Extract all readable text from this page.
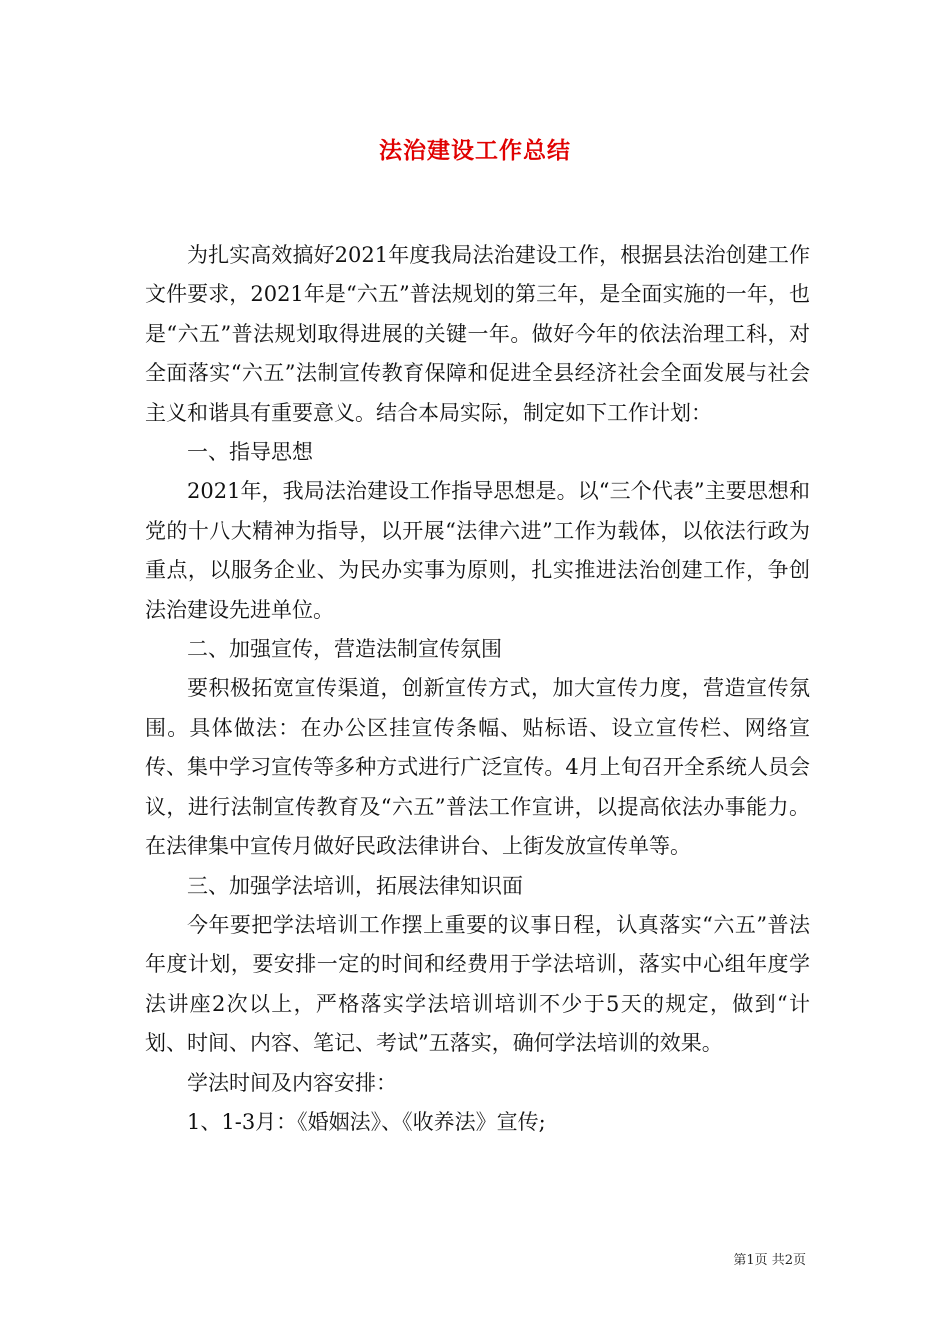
法治建设工作总结

为扎实高效搞好2021年度我局法治建设工作，根据县法治创建工作文件要求，2021年是“六五”普法规划的第三年，是全面实施的一年，也是“六五”普法规划取得进展的关键一年。做好今年的依法治理工科，对全面落实“六五”法制宣传教育保障和促进全县经济社会全面发展与社会主义和谐具有重要意义。结合本局实际，制定如下工作计划：

一、指导思想

2021年，我局法治建设工作指导思想是。以“三个代表”主要思想和党的十八大精神为指导，以开展“法律六进”工作为载体，以依法行政为重点，以服务企业、为民办实事为原则，扎实推进法治创建工作，争创法治建设先进单位。

二、加强宣传，营造法制宣传氛围

要积极拓宽宣传渠道，创新宣传方式，加大宣传力度，营造宣传氛围。具体做法：在办公区挂宣传条幅、贴标语、设立宣传栏、网络宣传、集中学习宣传等多种方式进行广泛宣传。4月上旬召开全系统人员会议，进行法制宣传教育及“六五”普法工作宣讲，以提高依法办事能力。在法律集中宣传月做好民政法律讲台、上街发放宣传单等。

三、加强学法培训，拓展法律知识面

今年要把学法培训工作摆上重要的议事日程，认真落实“六五”普法年度计划，要安排一定的时间和经费用于学法培训，落实中心组年度学法讲座2次以上，严格落实学法培训培训不少于5天的规定，做到“计划、时间、内容、笔记、考试”五落实，确何学法培训的效果。

学法时间及内容安排：

1、1-3月：《婚姻法》、《收养法》宣传;

第1页 共2页
